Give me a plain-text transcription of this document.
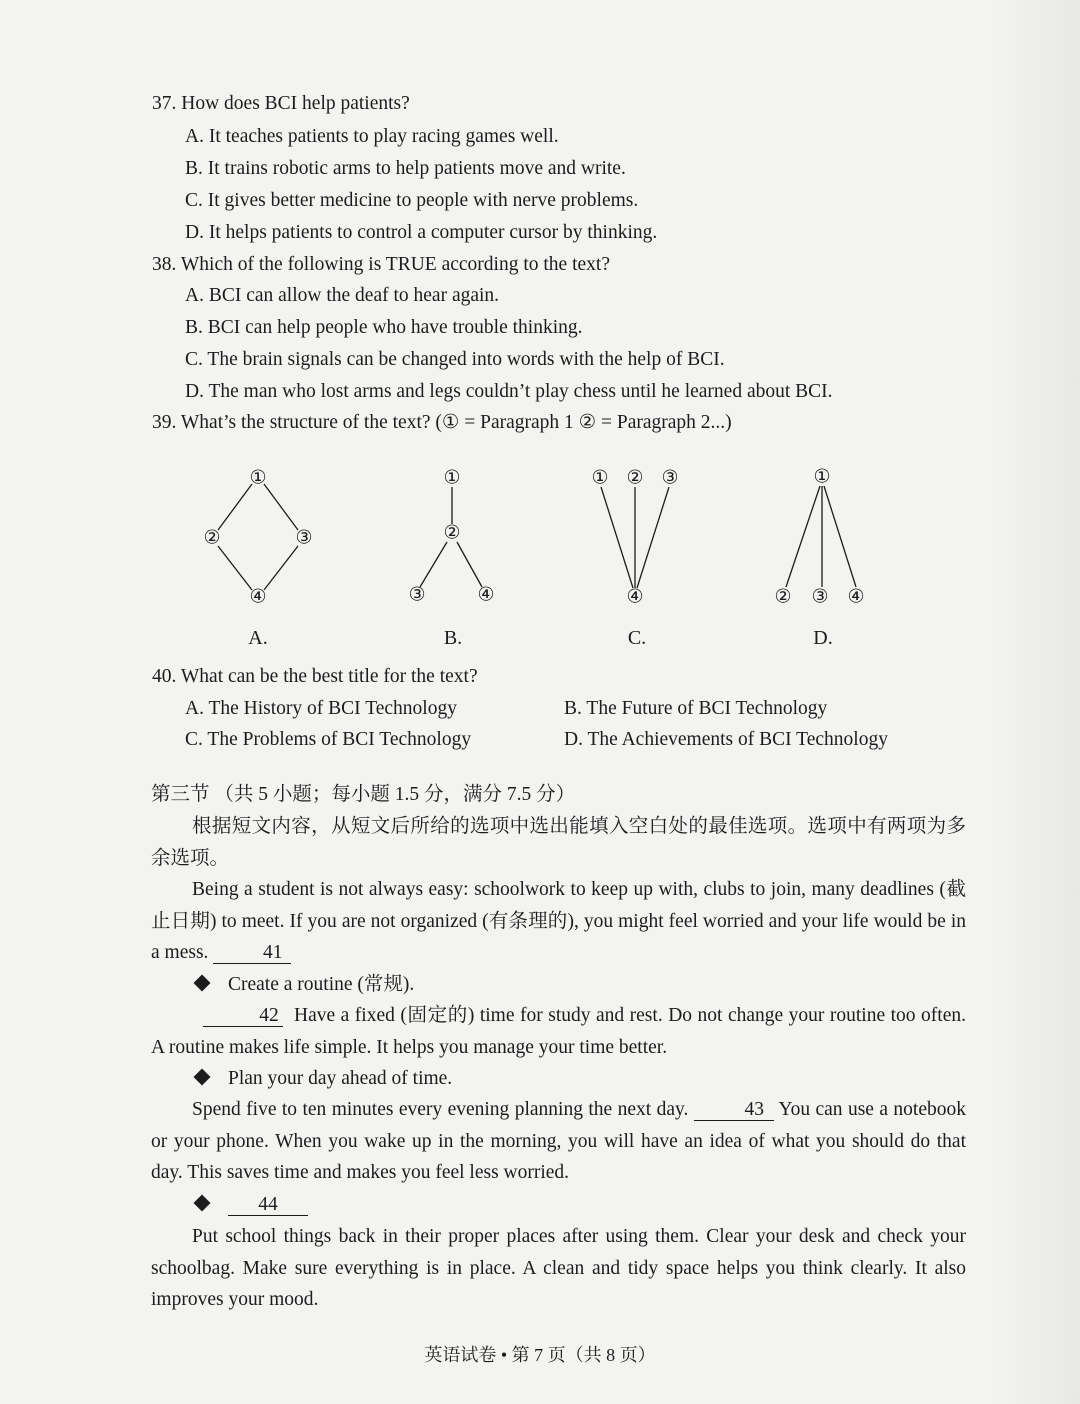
37. How does BCI help patients?
A. It teaches patients to play racing games well.
B. It trains robotic arms to help patients move and write.
C. It gives better medicine to people with nerve problems.
D. It helps patients to control a computer cursor by thinking.
38. Which of the following is TRUE according to the text?
A. BCI can allow the deaf to hear again.
B. BCI can help people who have trouble thinking.
C. The brain signals can be changed into words with the help of BCI.
D. The man who lost arms and legs couldn’t play chess until he learned about BCI.
39. What’s the structure of the text? (① = Paragraph 1 ② = Paragraph 2...)
①
②	③
④
①
②
③	④
① ② ③
④
①
② ③ ④
A.	B.	C.	D.
40. What can be the best title for the text?
A. The History of BCI Technology	B. The Future of BCI Technology
C. The Problems of BCI Technology	D. The Achievements of BCI Technology
第三节 （共 5 小题；每小题 1.5 分，满分 7.5 分）
根据短文内容，从短文后所给的选项中选出能填入空白处的最佳选项。选项中有两项为多余选项。
Being a student is not always easy: schoolwork to keep up with, clubs to join, many deadlines (截止日期) to meet. If you are not organized (有条理的), you might feel worried and your life would be in a mess.	41
Create a routine (常规).
42 Have a fixed (固定的) time for study and rest. Do not change your routine too often. A routine makes life simple. It helps you manage your time better.
Plan your day ahead of time.
Spend five to ten minutes every evening planning the next day.	43 You can use a notebook or your phone. When you wake up in the morning, you will have an idea of what you should do that day. This saves time and makes you feel less worried.
44
Put school things back in their proper places after using them. Clear your desk and check your schoolbag. Make sure everything is in place. A clean and tidy space helps you think clearly. It also improves your mood.
英语试卷 • 第 7 页（共 8 页）
